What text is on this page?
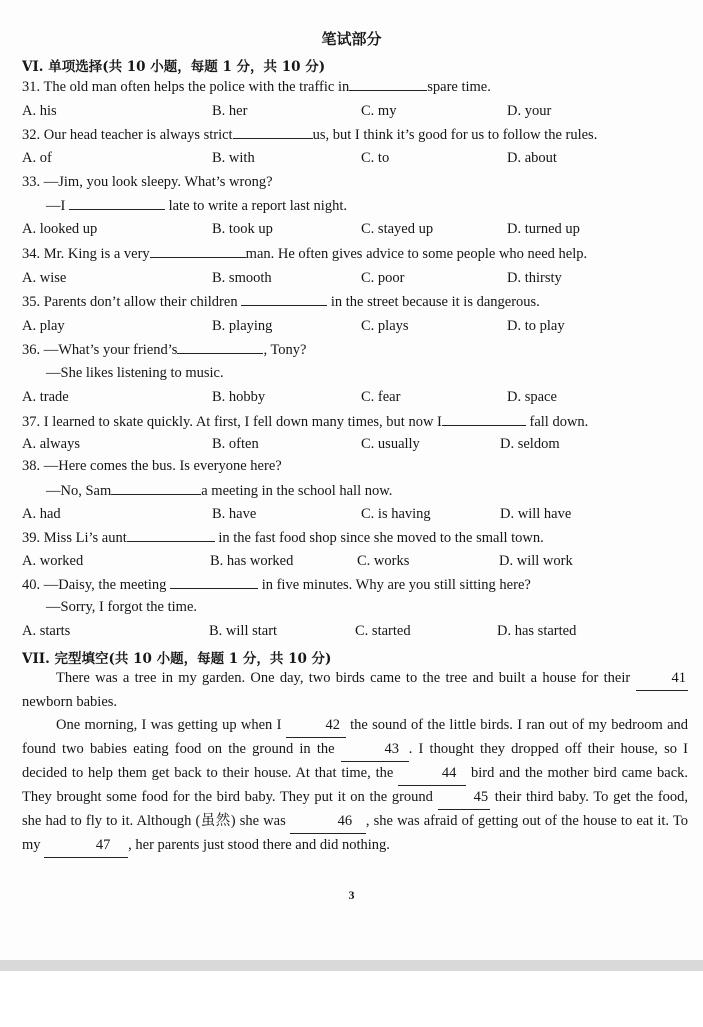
笔试部分
VI. 单项选择(共 10 小题，每题 1 分，共 10 分)
31. The old man often helps the police with the traffic in	spare time.
A. his	B. her	C. my	D. your
32. Our head teacher is always strict	us, but I think it’s good for us to follow the rules.
A. of	B. with	C. to	D. about
33. —Jim, you look sleepy. What’s wrong?
—I	late to write a report last night.
A. looked up	B. took up	C. stayed up	D. turned up
34. Mr. King is a very	man. He often gives advice to some people who need help.
A. wise	B. smooth	C. poor	D. thirsty
35. Parents don’t allow their children	in the street because it is dangerous.
A. play	B. playing	C. plays	D. to play
36. —What’s your friend’s	, Tony?
—She likes listening to music.
A. trade	B. hobby	C. fear	D. space
37. I learned to skate quickly. At first, I fell down many times, but now I	fall down.
A. always	B. often	C. usually	D. seldom
38. —Here comes the bus. Is everyone here?
—No, Sam	a meeting in the school hall now.
A. had	B. have	C. is having	D. will have
39. Miss Li’s aunt	in the fast food shop since she moved to the small town.
A. worked	B. has worked	C. works	D. will work
40. —Daisy, the meeting	in five minutes. Why are you still sitting here?
—Sorry, I forgot the time.
A. starts	B. will start	C. started	D. has started
VII. 完型填空(共 10 小题，每题 1 分，共 10 分)

There was a tree in my garden. One day, two birds came to the tree and built a house for their	41 newborn babies.

One morning, I was getting up when I	42 the sound of the little birds. I ran out of my bedroom and found two babies eating food on the ground in the	43 . I thought they dropped off their house, so I decided to help them get back to their house. At that time, the	44 bird and the mother bird came back. They brought some food for the bird baby. They put it on the ground	45 their third baby. To get the food, she had to fly to it. Although (虽然) she was	46 , she was afraid of getting out of the house to eat it. To my	47 , her parents just stood there and did nothing.

3
